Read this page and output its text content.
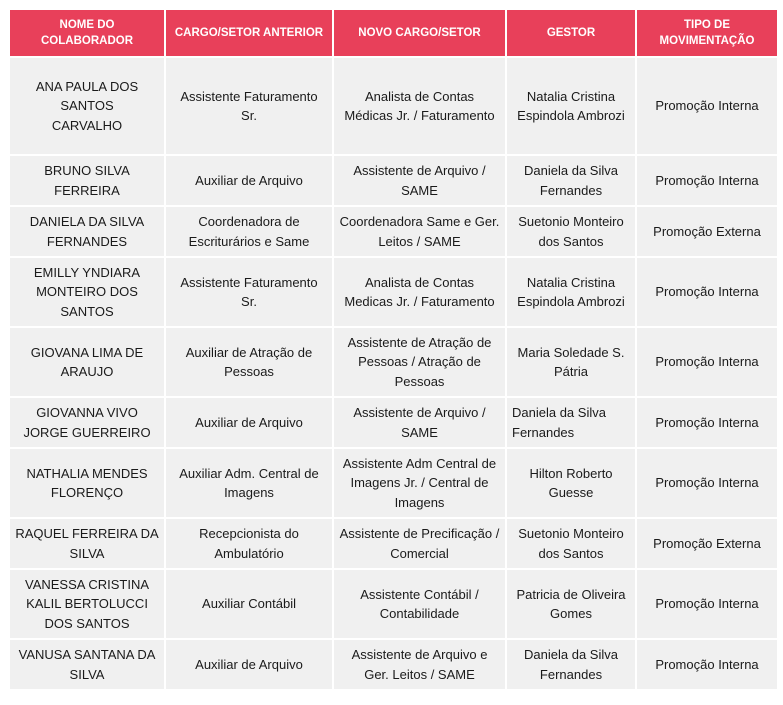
NOME DO COLABORADOR	CARGO/SETOR ANTERIOR	NOVO CARGO/SETOR	GESTOR	TIPO DE MOVIMENTAÇÃO
ANA PAULA DOS SANTOS CARVALHO	Assistente Faturamento Sr.	Analista de Contas Médicas Jr. / Faturamento	Natalia Cristina Espindola Ambrozi	Promoção Interna
BRUNO SILVA FERREIRA	Auxiliar de Arquivo	Assistente de Arquivo / SAME	Daniela da Silva Fernandes	Promoção Interna
DANIELA DA SILVA FERNANDES	Coordenadora de Escriturários e Same	Coordenadora Same e Ger. Leitos / SAME	Suetonio Monteiro dos Santos	Promoção Externa
EMILLY YNDIARA MONTEIRO DOS SANTOS	Assistente Faturamento Sr.	Analista de Contas Medicas Jr. / Faturamento	Natalia Cristina Espindola Ambrozi	Promoção Interna
GIOVANA LIMA DE ARAUJO	Auxiliar de Atração de Pessoas	Assistente de Atração de Pessoas / Atração de Pessoas	Maria Soledade S. Pátria	Promoção Interna
GIOVANNA VIVO JORGE GUERREIRO	Auxiliar de Arquivo	Assistente de Arquivo / SAME	Daniela da Silva Fernandes	Promoção Interna
NATHALIA MENDES FLORENÇO	Auxiliar Adm. Central de Imagens	Assistente Adm Central de Imagens Jr. / Central de Imagens	Hilton Roberto Guesse	Promoção Interna
RAQUEL FERREIRA DA SILVA	Recepcionista do Ambulatório	Assistente de Precificação / Comercial	Suetonio Monteiro dos Santos	Promoção Externa
VANESSA CRISTINA KALIL BERTOLUCCI DOS SANTOS	Auxiliar Contábil	Assistente Contábil / Contabilidade	Patricia de Oliveira Gomes	Promoção Interna
VANUSA SANTANA DA SILVA	Auxiliar de Arquivo	Assistente de Arquivo e Ger. Leitos / SAME	Daniela da Silva Fernandes	Promoção Interna
